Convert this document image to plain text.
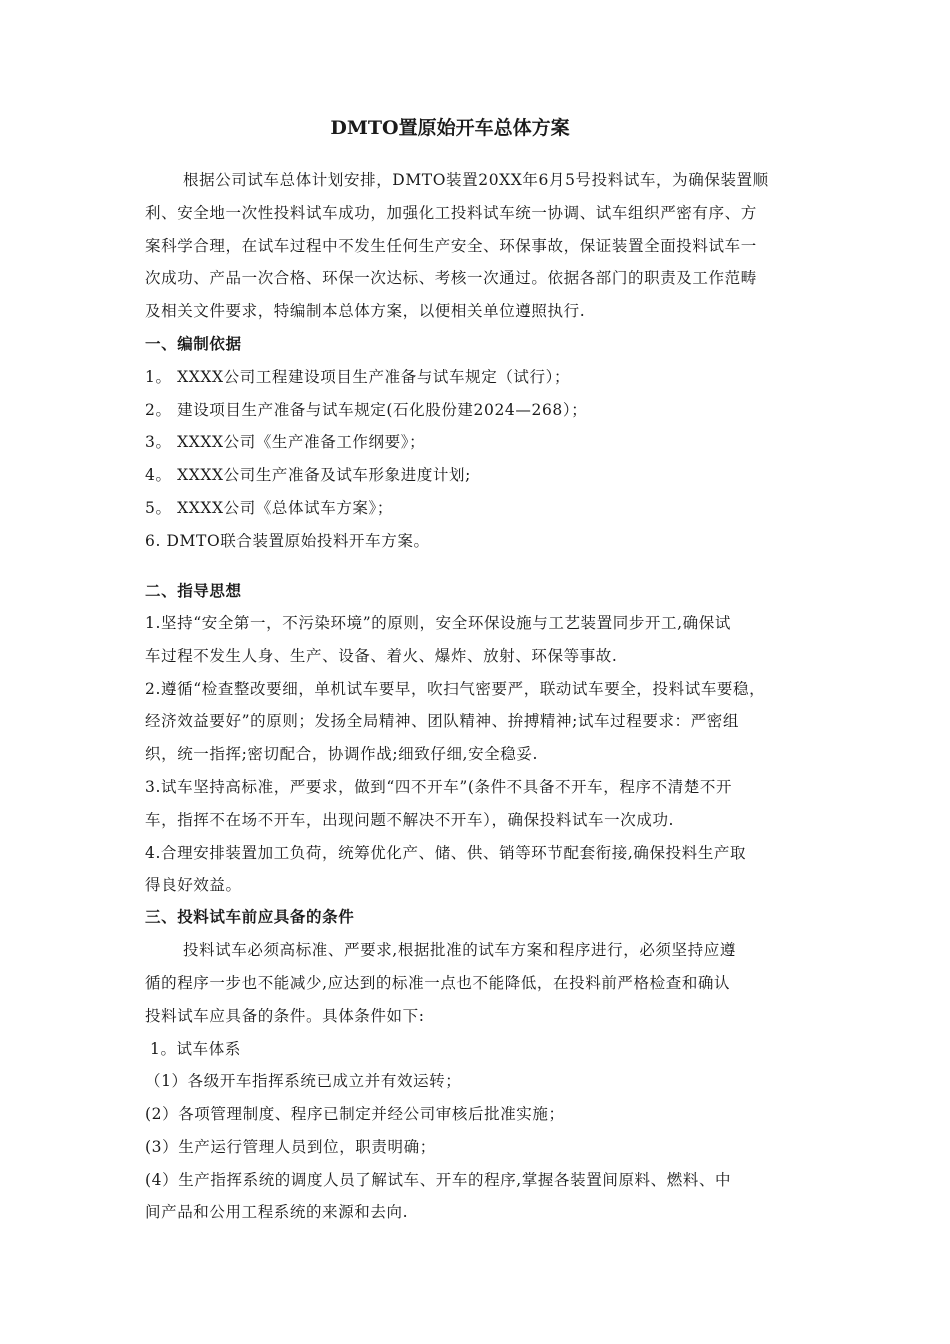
DMTO置原始开车总体方案
根据公司试车总体计划安排，DMTO装置20XX年6月5号投料试车，为确保装置顺
利、安全地一次性投料试车成功，加强化工投料试车统一协调、试车组织严密有序、方
案科学合理，在试车过程中不发生任何生产安全、环保事故，保证装置全面投料试车一
次成功、产品一次合格、环保一次达标、考核一次通过。依据各部门的职责及工作范畴
及相关文件要求，特编制本总体方案，以便相关单位遵照执行.
一、编制依据
1。 XXXX公司工程建设项目生产准备与试车规定（试行）；
2。 建设项目生产准备与试车规定(石化股份建2024—268）；
3。 XXXX公司《生产准备工作纲要》；
4。 XXXX公司生产准备及试车形象进度计划;
5。 XXXX公司《总体试车方案》；
6. DMTO联合装置原始投料开车方案。
二、指导思想
1.坚持“安全第一，不污染环境”的原则，安全环保设施与工艺装置同步开工,确保试
车过程不发生人身、生产、设备、着火、爆炸、放射、环保等事故.
2.遵循“检查整改要细，单机试车要早，吹扫气密要严，联动试车要全，投料试车要稳，
经济效益要好”的原则；发扬全局精神、团队精神、拚搏精神;试车过程要求：严密组
织，统一指挥;密切配合，协调作战;细致仔细,安全稳妥.
3.试车坚持高标准，严要求，做到“四不开车”(条件不具备不开车，程序不清楚不开
车，指挥不在场不开车，出现问题不解决不开车），确保投料试车一次成功.
4.合理安排装置加工负荷，统筹优化产、储、供、销等环节配套衔接,确保投料生产取
得良好效益。
三、投料试车前应具备的条件
投料试车必须高标准、严要求,根据批准的试车方案和程序进行，必须坚持应遵
循的程序一步也不能减少,应达到的标准一点也不能降低，在投料前严格检查和确认
投料试车应具备的条件。具体条件如下:
1。试车体系
（1）各级开车指挥系统已成立并有效运转；
(2）各项管理制度、程序已制定并经公司审核后批准实施；
(3）生产运行管理人员到位，职责明确；
(4）生产指挥系统的调度人员了解试车、开车的程序,掌握各装置间原料、燃料、中
间产品和公用工程系统的来源和去向.
